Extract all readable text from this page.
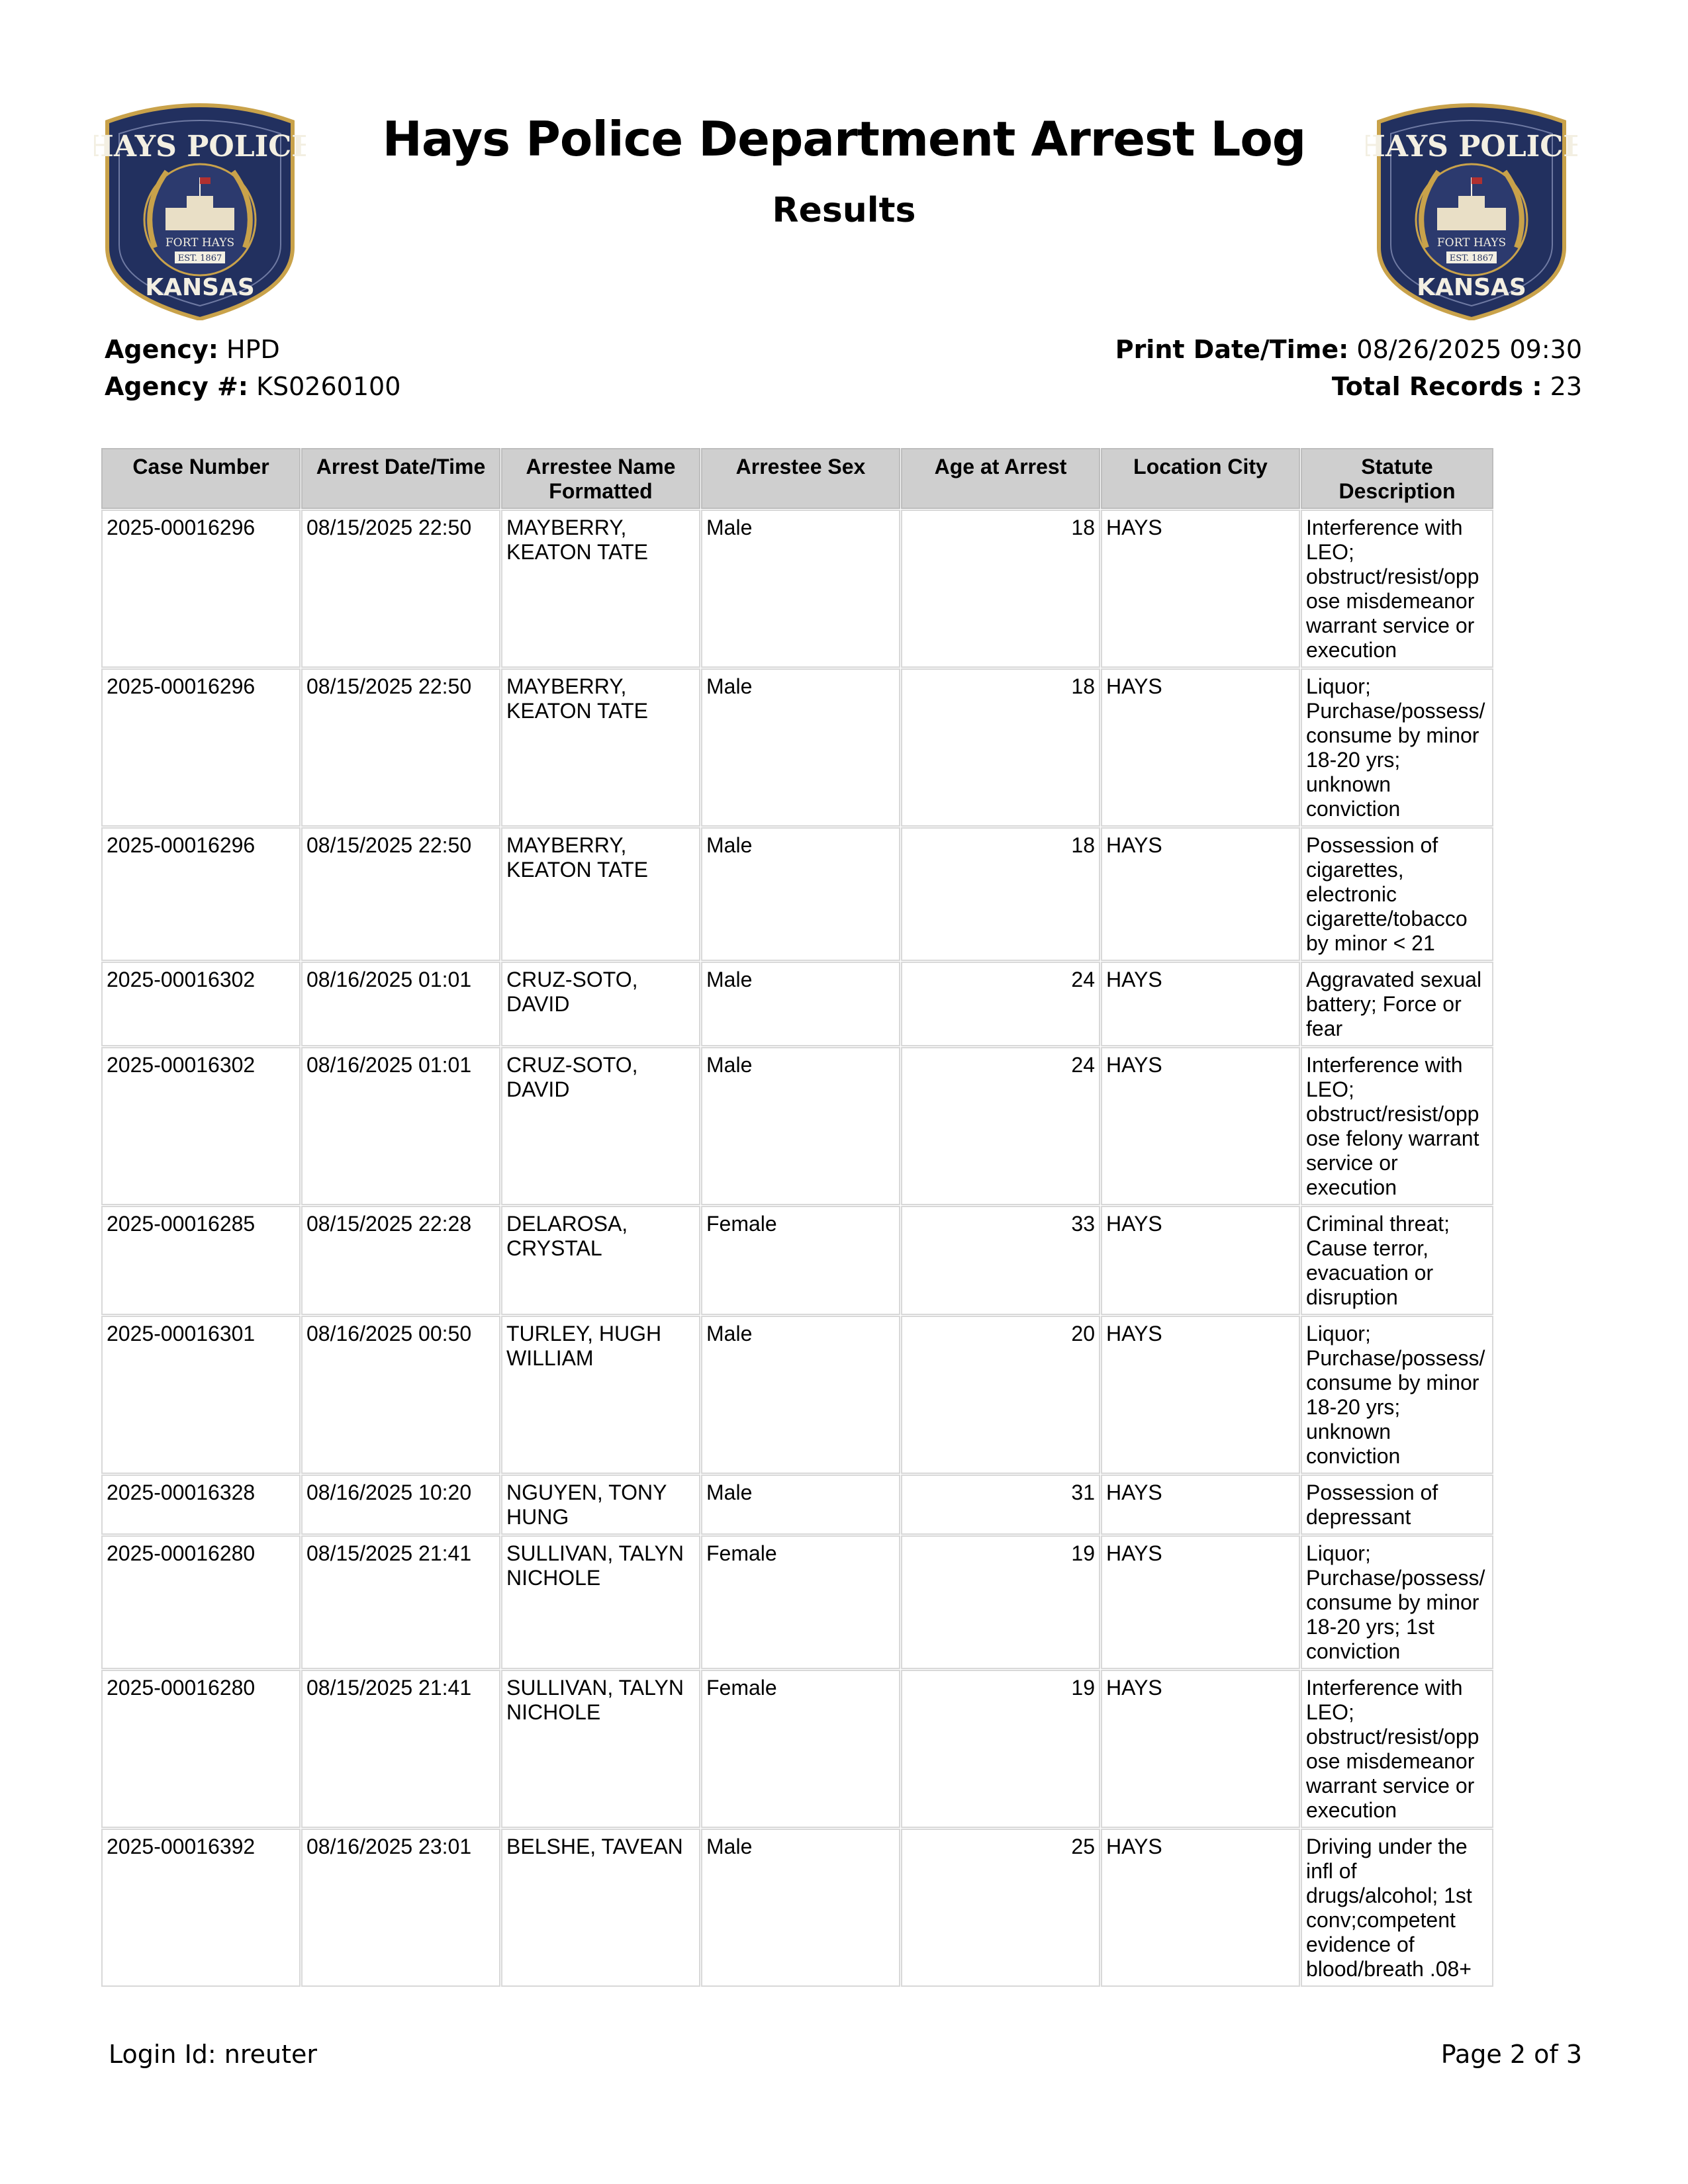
HAYS POLICE
FORT HAYS
EST. 1867
KANSAS
HAYS POLICE
FORT HAYS
EST. 1867
KANSAS
Hays Police Department Arrest Log
Results
Agency: HPD
Agency #: KS0260100
Print Date/Time: 08/26/2025 09:30
Total Records : 23
Case Number	Arrest Date/Time	Arrestee Name Formatted	Arrestee Sex	Age at Arrest	Location City	Statute Description
2025-00016296	08/15/2025 22:50	MAYBERRY, KEATON TATE	Male	18	HAYS	Interference with LEO; obstruct/resist/opp ose misdemeanor warrant service or execution
2025-00016296	08/15/2025 22:50	MAYBERRY, KEATON TATE	Male	18	HAYS	Liquor; Purchase/possess/ consume by minor 18-20 yrs; unknown conviction
2025-00016296	08/15/2025 22:50	MAYBERRY, KEATON TATE	Male	18	HAYS	Possession of cigarettes, electronic cigarette/tobacco by minor < 21
2025-00016302	08/16/2025 01:01	CRUZ-SOTO, DAVID	Male	24	HAYS	Aggravated sexual battery; Force or fear
2025-00016302	08/16/2025 01:01	CRUZ-SOTO, DAVID	Male	24	HAYS	Interference with LEO; obstruct/resist/opp ose felony warrant service or execution
2025-00016285	08/15/2025 22:28	DELAROSA, CRYSTAL	Female	33	HAYS	Criminal threat; Cause terror, evacuation or disruption
2025-00016301	08/16/2025 00:50	TURLEY, HUGH WILLIAM	Male	20	HAYS	Liquor; Purchase/possess/ consume by minor 18-20 yrs; unknown conviction
2025-00016328	08/16/2025 10:20	NGUYEN, TONY HUNG	Male	31	HAYS	Possession of depressant
2025-00016280	08/15/2025 21:41	SULLIVAN, TALYN NICHOLE	Female	19	HAYS	Liquor; Purchase/possess/ consume by minor 18-20 yrs; 1st conviction
2025-00016280	08/15/2025 21:41	SULLIVAN, TALYN NICHOLE	Female	19	HAYS	Interference with LEO; obstruct/resist/opp ose misdemeanor warrant service or execution
2025-00016392	08/16/2025 23:01	BELSHE, TAVEAN	Male	25	HAYS	Driving under the infl of drugs/alcohol; 1st conv;competent evidence of blood/breath .08+
Login Id: nreuter	Page 2 of 3
